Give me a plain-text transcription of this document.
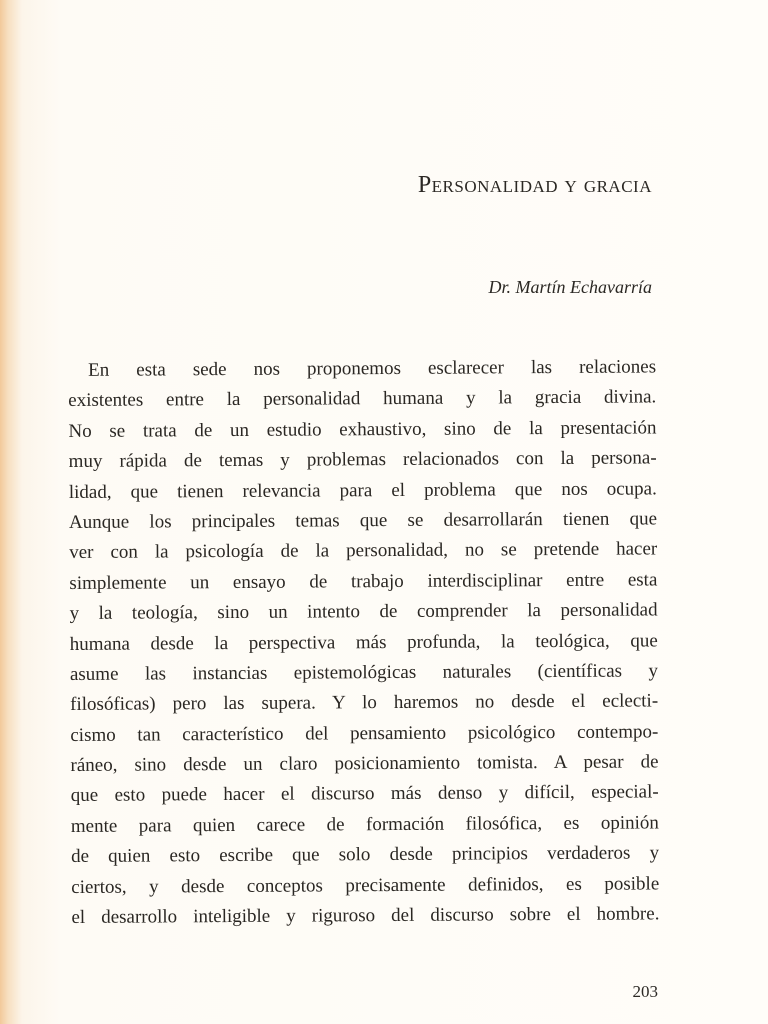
Personalidad y gracia

Dr. Martín Echavarría

En esta sede nos proponemos esclarecer las relaciones
existentes entre la personalidad humana y la gracia divina.
No se trata de un estudio exhaustivo, sino de la presentación
muy rápida de temas y problemas relacionados con la persona-
lidad, que tienen relevancia para el problema que nos ocupa.
Aunque los principales temas que se desarrollarán tienen que
ver con la psicología de la personalidad, no se pretende hacer
simplemente un ensayo de trabajo interdisciplinar entre esta
y la teología, sino un intento de comprender la personalidad
humana desde la perspectiva más profunda, la teológica, que
asume las instancias epistemológicas naturales (científicas y
filosóficas) pero las supera. Y lo haremos no desde el eclecti-
cismo tan característico del pensamiento psicológico contempo-
ráneo, sino desde un claro posicionamiento tomista. A pesar de
que esto puede hacer el discurso más denso y difícil, especial-
mente para quien carece de formación filosófica, es opinión
de quien esto escribe que solo desde principios verdaderos y
ciertos, y desde conceptos precisamente definidos, es posible
el desarrollo inteligible y riguroso del discurso sobre el hombre.

203
